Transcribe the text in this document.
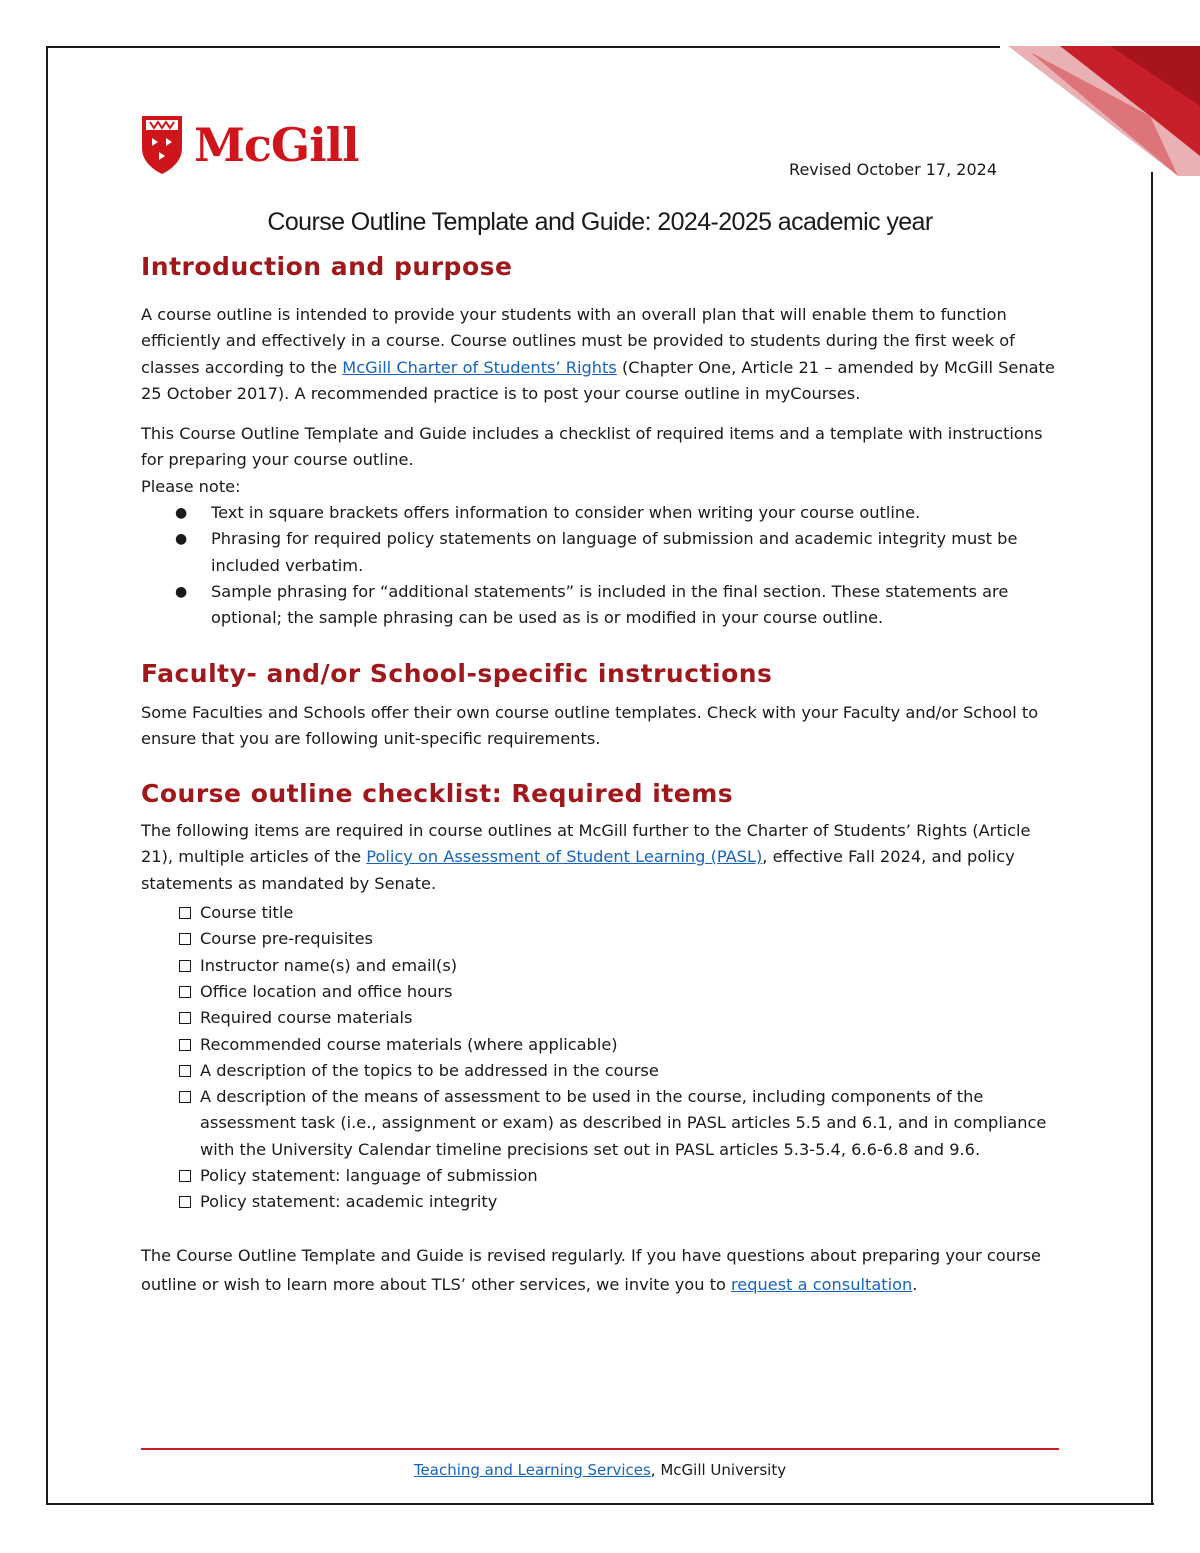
McGill	Revised October 17, 2024
Course Outline Template and Guide: 2024-2025 academic year
Introduction and purpose

A course outline is intended to provide your students with an overall plan that will enable them to function efficiently and effectively in a course. Course outlines must be provided to students during the first week of classes according to the McGill Charter of Students’ Rights (Chapter One, Article 21 – amended by McGill Senate 25 October 2017). A recommended practice is to post your course outline in myCourses.

This Course Outline Template and Guide includes a checklist of required items and a template with instructions for preparing your course outline.

Please note:

● Text in square brackets offers information to consider when writing your course outline.
● Phrasing for required policy statements on language of submission and academic integrity must be included verbatim.
● Sample phrasing for “additional statements” is included in the final section. These statements are optional; the sample phrasing can be used as is or modified in your course outline.
Faculty- and/or School-specific instructions

Some Faculties and Schools offer their own course outline templates. Check with your Faculty and/or School to ensure that you are following unit-specific requirements.

Course outline checklist: Required items

The following items are required in course outlines at McGill further to the Charter of Students’ Rights (Article 21), multiple articles of the Policy on Assessment of Student Learning (PASL), effective Fall 2024, and policy statements as mandated by Senate.

Course title
Course pre-requisites
Instructor name(s) and email(s)
Office location and office hours
Required course materials
Recommended course materials (where applicable)
A description of the topics to be addressed in the course
A description of the means of assessment to be used in the course, including components of the assessment task (i.e., assignment or exam) as described in PASL articles 5.5 and 6.1, and in compliance with the University Calendar timeline precisions set out in PASL articles 5.3-5.4, 6.6-6.8 and 9.6.
Policy statement: language of submission
Policy statement: academic integrity

The Course Outline Template and Guide is revised regularly. If you have questions about preparing your course outline or wish to learn more about TLS’ other services, we invite you to request a consultation.

Teaching and Learning Services, McGill University
